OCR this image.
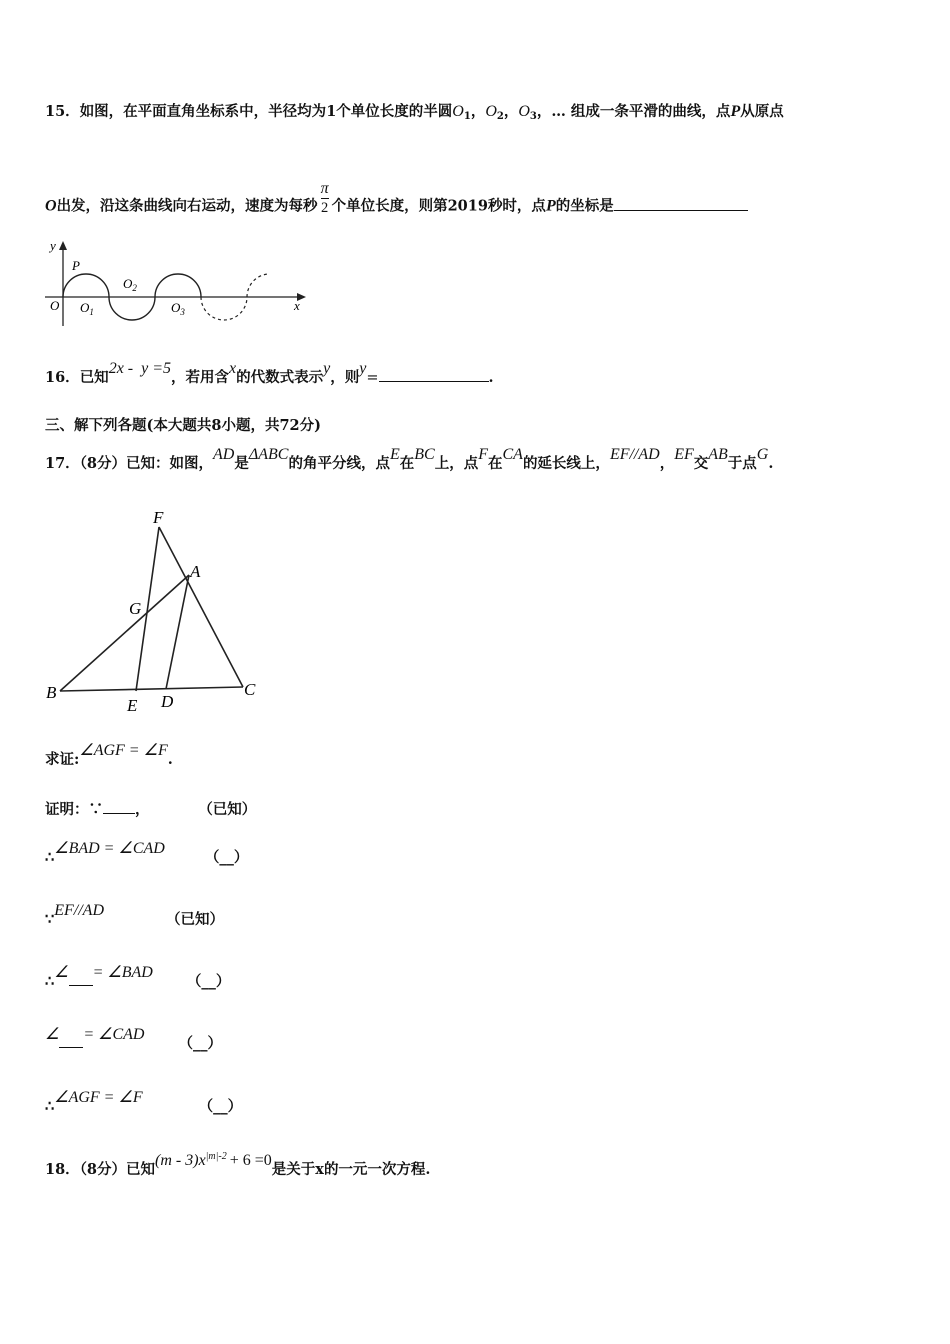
15．如图，在平面直角坐标系中，半径均为1个单位长度的半圆$O_1$，$O_2$，$O_3$，… 组成一条平滑的曲线，点P从原点
O出发，沿这条曲线向右运动，速度为每秒 $\frac{\pi}{2}$ 个单位长度，则第2019秒时，点P的坐标是
y
x
O
P
$O_1$
$O_2$
$O_3$
16．已知2x -  y =5，若用含x的代数式表示y，则y=	.
三、解下列各题(本大题共8小题，共72分)
17．（8分）已知：如图，AD是ΔABC的角平分线，点E在BC上，点F在CA的延长线上，EF//AD，EF交AB于点G.
F
A
G
B	C
E D
求证:∠AGF = ∠F.
证明：∵ ，	（已知）
∴∠BAD = ∠CAD（__）
∵EF//AD（已知）
∴∠ = ∠BAD（__）
∠ = ∠CAD（__）
∴∠AGF = ∠F（__）
18．（8分）已知$(m - 3)x^{|m|-2} + 6 =0$是关于x的一元一次方程.
